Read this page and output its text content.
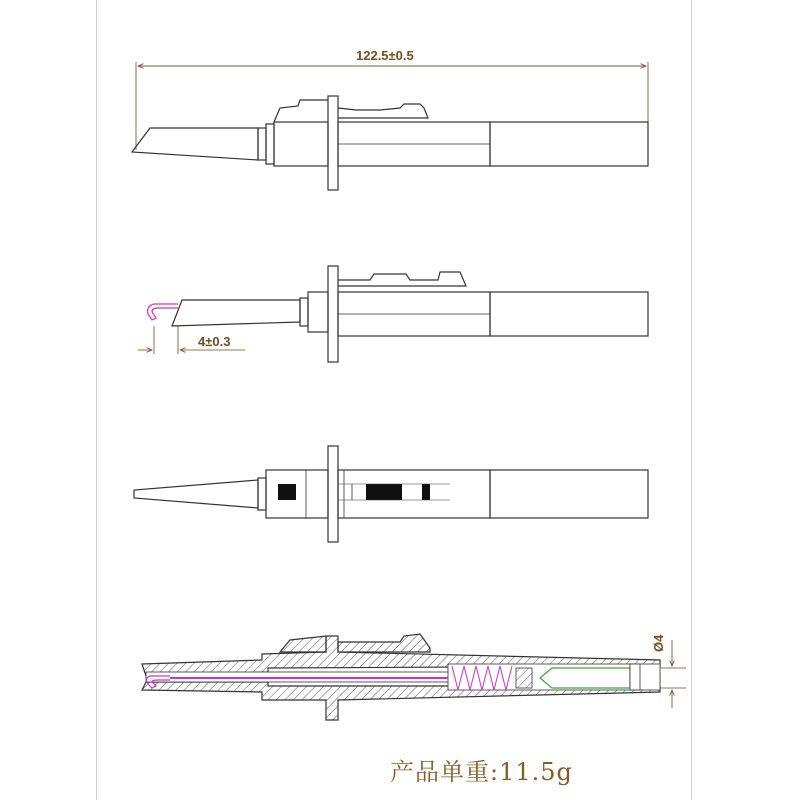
122.5±0.5
4±0.3
Ø4
产品单重:11.5g
